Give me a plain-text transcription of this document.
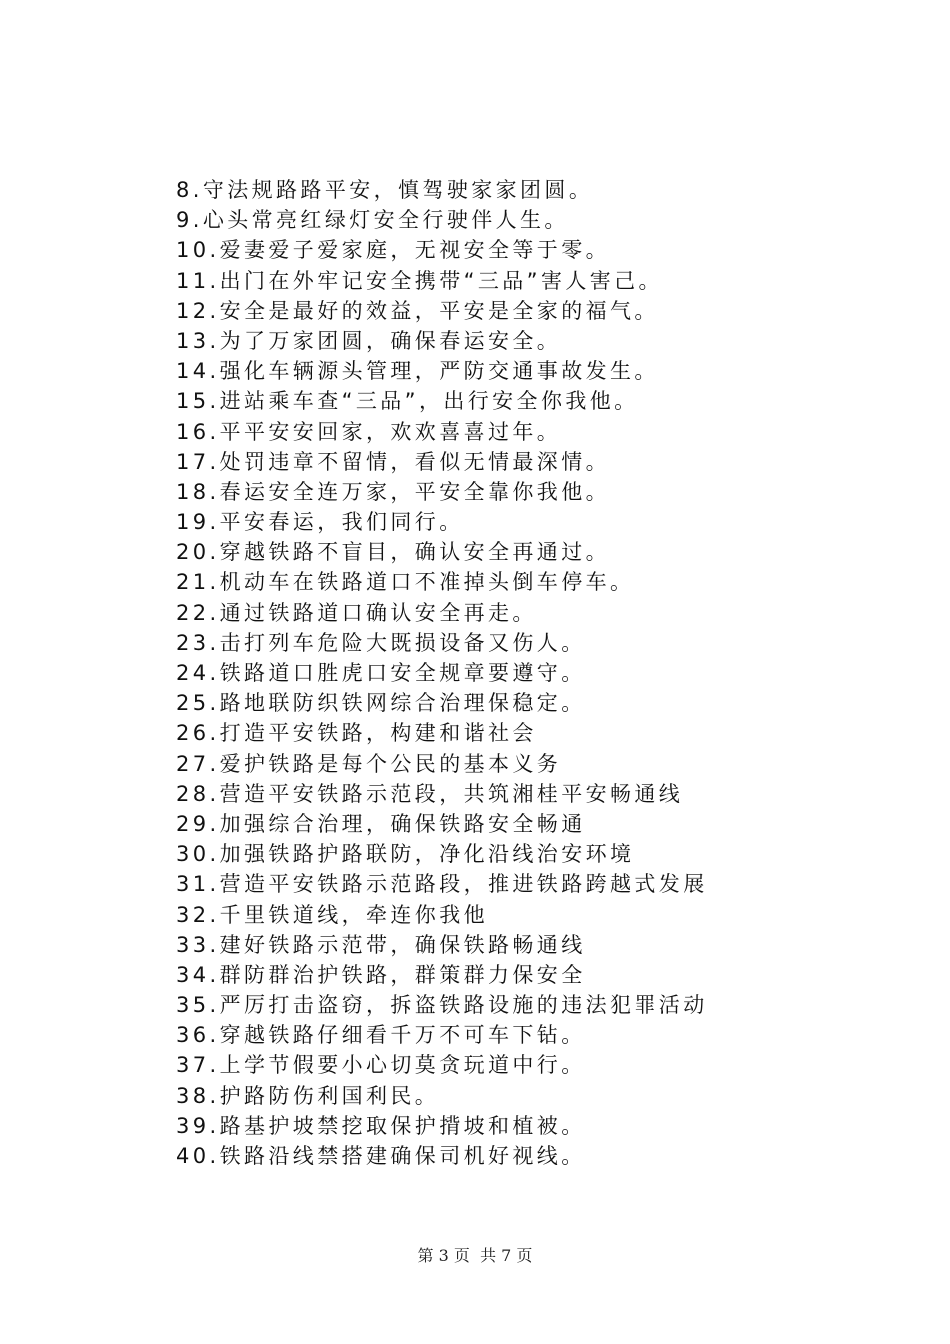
8.守法规路路平安，慎驾驶家家团圆。
9.心头常亮红绿灯安全行驶伴人生。
10.爱妻爱子爱家庭，无视安全等于零。
11.出门在外牢记安全携带“三品”害人害己。
12.安全是最好的效益，平安是全家的福气。
13.为了万家团圆，确保春运安全。
14.强化车辆源头管理，严防交通事故发生。
15.进站乘车查“三品”，出行安全你我他。
16.平平安安回家，欢欢喜喜过年。
17.处罚违章不留情，看似无情最深情。
18.春运安全连万家，平安全靠你我他。
19.平安春运，我们同行。
20.穿越铁路不盲目，确认安全再通过。
21.机动车在铁路道口不准掉头倒车停车。
22.通过铁路道口确认安全再走。
23.击打列车危险大既损设备又伤人。
24.铁路道口胜虎口安全规章要遵守。
25.路地联防织铁网综合治理保稳定。
26.打造平安铁路，构建和谐社会
27.爱护铁路是每个公民的基本义务
28.营造平安铁路示范段，共筑湘桂平安畅通线
29.加强综合治理，确保铁路安全畅通
30.加强铁路护路联防，净化沿线治安环境
31.营造平安铁路示范路段，推进铁路跨越式发展
32.千里铁道线，牵连你我他
33.建好铁路示范带，确保铁路畅通线
34.群防群治护铁路，群策群力保安全
35.严厉打击盗窃，拆盗铁路设施的违法犯罪活动
36.穿越铁路仔细看千万不可车下钻。
37.上学节假要小心切莫贪玩道中行。
38.护路防伤利国利民。
39.路基护坡禁挖取保护揹坡和植被。
40.铁路沿线禁搭建确保司机好视线。
第 3 页  共 7 页
